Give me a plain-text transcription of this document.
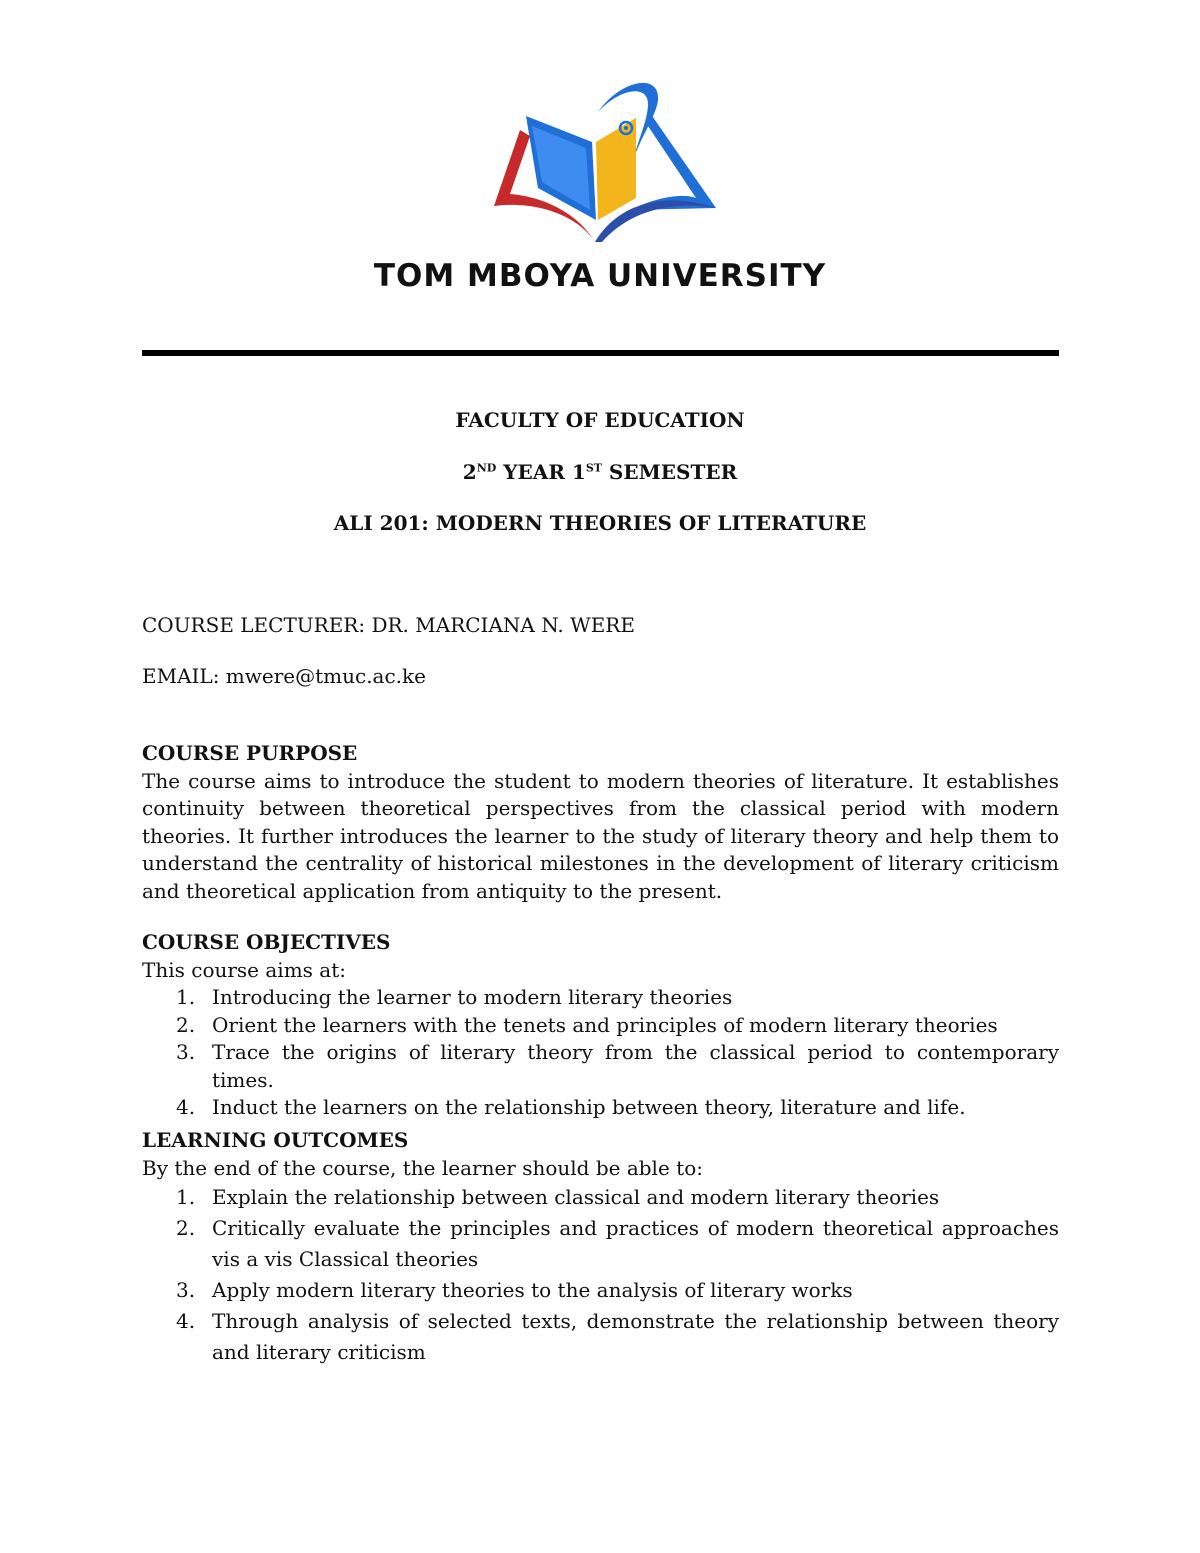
TOM MBOYA UNIVERSITY
FACULTY OF EDUCATION
2ND YEAR 1ST SEMESTER
ALI 201: MODERN THEORIES OF LITERATURE
COURSE LECTURER: DR. MARCIANA N. WERE
EMAIL: mwere@tmuc.ac.ke
COURSE PURPOSE

The course aims to introduce the student to modern theories of literature. It establishes continuity between theoretical perspectives from the classical period with modern theories. It further introduces the learner to the study of literary theory and help them to understand the centrality of historical milestones in the development of literary criticism and theoretical application from antiquity to the present.

COURSE OBJECTIVES

This course aims at:

1. Introducing the learner to modern literary theories
2. Orient the learners with the tenets and principles of modern literary theories
3. Trace the origins of literary theory from the classical period to contemporary times.
4. Induct the learners on the relationship between theory, literature and life.
LEARNING OUTCOMES

By the end of the course, the learner should be able to:

1. Explain the relationship between classical and modern literary theories
2. Critically evaluate the principles and practices of modern theoretical approaches vis a vis Classical theories
3. Apply modern literary theories to the analysis of literary works
4. Through analysis of selected texts, demonstrate the relationship between theory and literary criticism
